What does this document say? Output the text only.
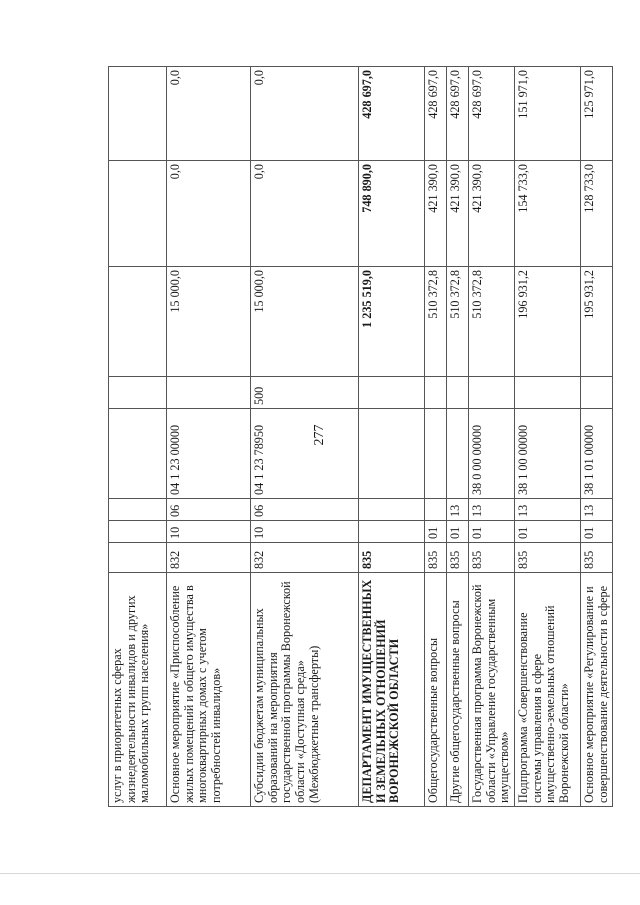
277
услуг в приоритетных сферах жизнедеятельности инвалидов и других маломобильных групп населения»								
Основное мероприятие «Приспособление жилых помещений и общего имущества в многоквартирных домах с учетом потребностей инвалидов»	832	10	06	04 1 23 00000		15 000,0	0,0	0,0
Субсидии бюджетам муниципальных образований на мероприятия государственной программы Воронежской области «Доступная среда» (Межбюджетные трансферты)	832	10	06	04 1 23 78950	500	15 000,0	0,0	0,0
ДЕПАРТАМЕНТ ИМУЩЕСТВЕННЫХ И ЗЕМЕЛЬНЫХ ОТНОШЕНИЙ ВОРОНЕЖСКОЙ ОБЛАСТИ	835					1 235 519,0	748 890,0	428 697,0
Общегосударственные вопросы	835	01				510 372,8	421 390,0	428 697,0
Другие общегосударственные вопросы	835	01	13			510 372,8	421 390,0	428 697,0
Государственная программа Воронежской области «Управление государственным имуществом»	835	01	13	38 0 00 00000		510 372,8	421 390,0	428 697,0
Подпрограмма «Совершенствование системы управления в сфере имущественно-земельных отношений Воронежской области»	835	01	13	38 1 00 00000		196 931,2	154 733,0	151 971,0
Основное мероприятие «Регулирование и совершенствование деятельности в сфере	835	01	13	38 1 01 00000		195 931,2	128 733,0	125 971,0
